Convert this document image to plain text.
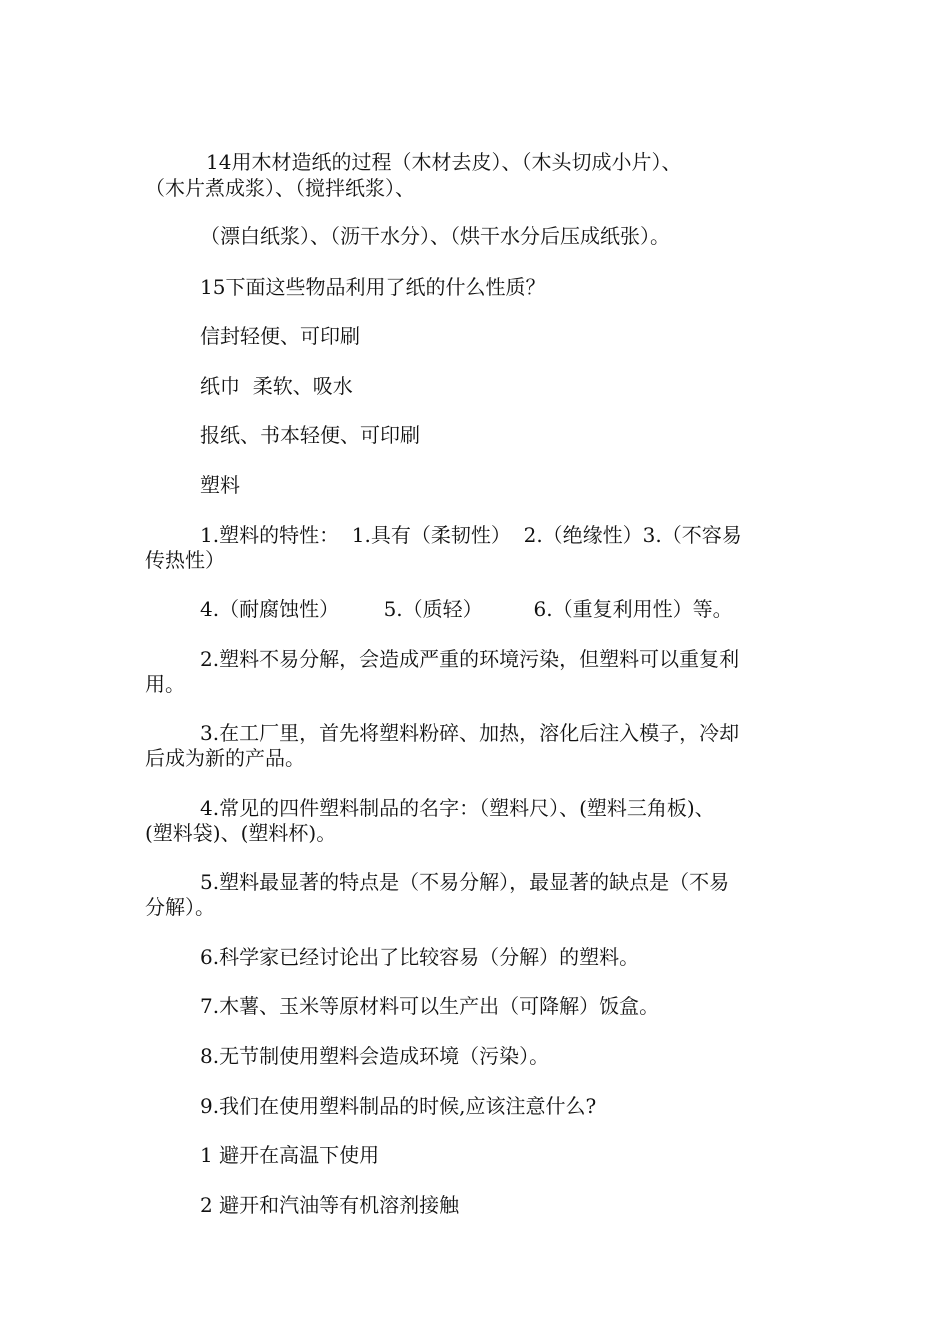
14用木材造纸的过程（木材去皮）、（木头切成小片）、
（木片煮成浆）、（搅拌纸浆）、
（漂白纸浆）、（沥干水分）、（烘干水分后压成纸张）。
15下面这些物品利用了纸的什么性质？
信封轻便、可印刷
纸巾  柔软、吸水
报纸、书本轻便、可印刷
塑料
1.塑料的特性：  1.具有（柔韧性）  2.（绝缘性）3.（不容易
传热性）
4.（耐腐蚀性）       5.（质轻）        6.（重复利用性）等。
2.塑料不易分解，会造成严重的环境污染，但塑料可以重复利
用。
3.在工厂里，首先将塑料粉碎、加热，溶化后注入模子，冷却
后成为新的产品。
4.常见的四件塑料制品的名字：（塑料尺）、(塑料三角板)、
(塑料袋)、(塑料杯)。
5.塑料最显著的特点是（不易分解），最显著的缺点是（不易
分解）。
6.科学家已经讨论出了比较容易（分解）的塑料。
7.木薯、玉米等原材料可以生产出（可降解）饭盒。
8.无节制使用塑料会造成环境（污染）。
9.我们在使用塑料制品的时候,应该注意什么?
1 避开在高温下使用
2 避开和汽油等有机溶剂接触
